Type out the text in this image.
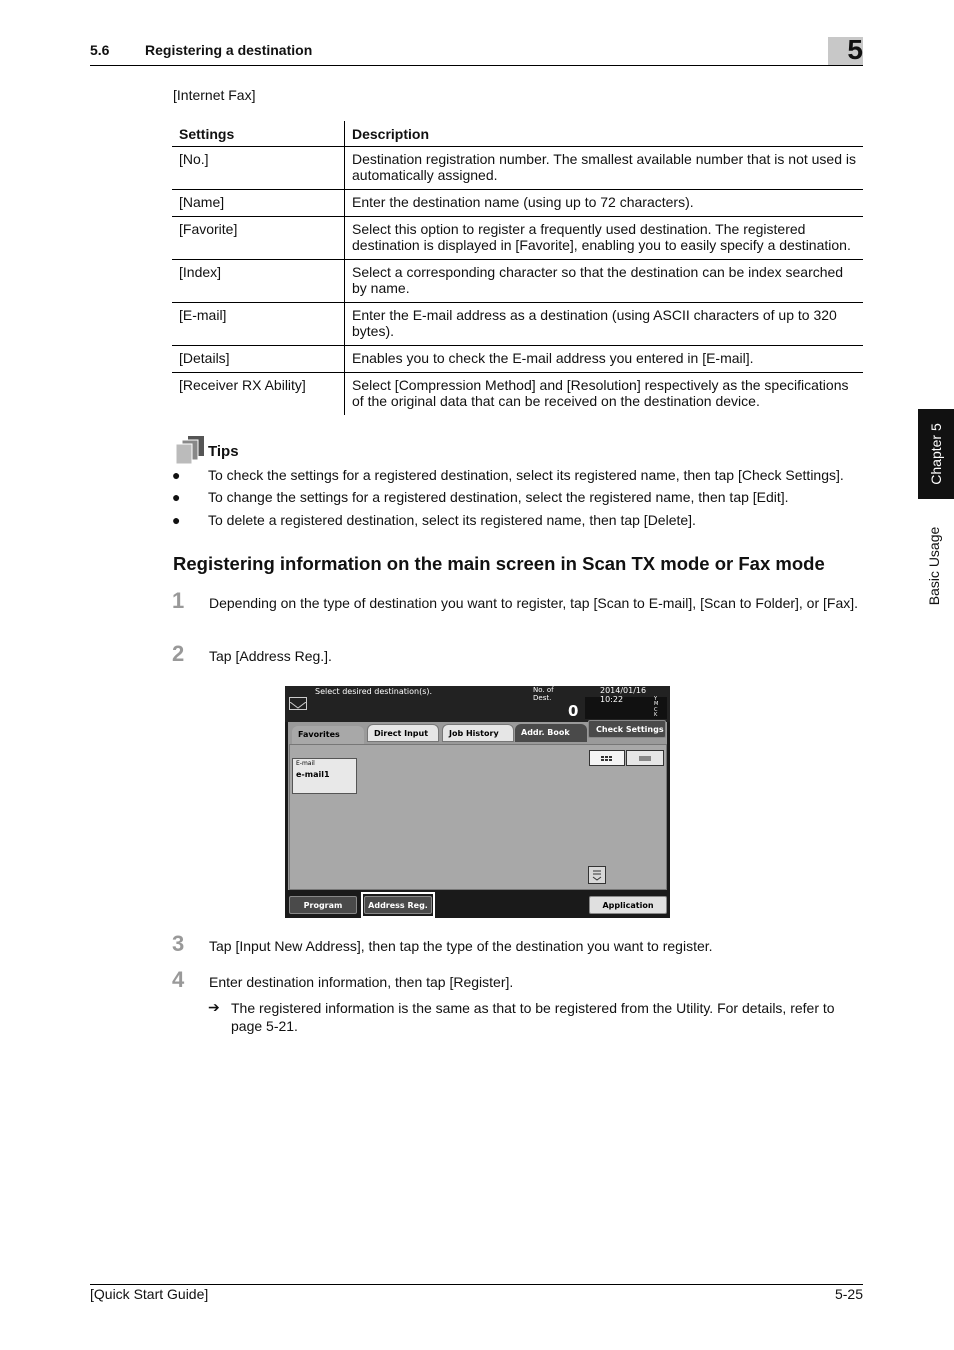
5.6	Registering a destination	5
Chapter 5
Basic Usage
[Internet Fax]
Settings	Description
[No.]	Destination registration number. The smallest available number that is not used is automatically assigned.
[Name]	Enter the destination name (using up to 72 characters).
[Favorite]	Select this option to register a frequently used destination. The registered destination is displayed in [Favorite], enabling you to easily specify a destination.
[Index]	Select a corresponding character so that the destination can be index searched by name.
[E-mail]	Enter the E-mail address as a destination (using ASCII characters of up to 320 bytes).
[Details]	Enables you to check the E-mail address you entered in [E-mail].
[Receiver RX Ability]	Select [Compression Method] and [Resolution] respectively as the specifications of the original data that can be received on the destination device.
Tips
● To check the settings for a registered destination, select its registered name, then tap [Check Settings].
● To change the settings for a registered destination, select the registered name, then tap [Edit].
● To delete a registered destination, select its registered name, then tap [Delete].
Registering information on the main screen in Scan TX mode or Fax mode
1 Depending on the type of destination you want to register, tap [Scan to E-mail], [Scan to Folder], or [Fax].
2 Tap [Address Reg.].
Select desired destination(s).	No. of
Dest.
0
2014/01/16 10:22	Y
M
C
K
Favorites	Direct Input	Job History	Addr. Book	Check Settings
E-mail
e-mail1
Program	Address Reg.	Application
3 Tap [Input New Address], then tap the type of the destination you want to register.
4 Enter destination information, then tap [Register].
➔ The registered information is the same as that to be registered from the Utility. For details, refer to page 5-21.
[Quick Start Guide]	5-25
